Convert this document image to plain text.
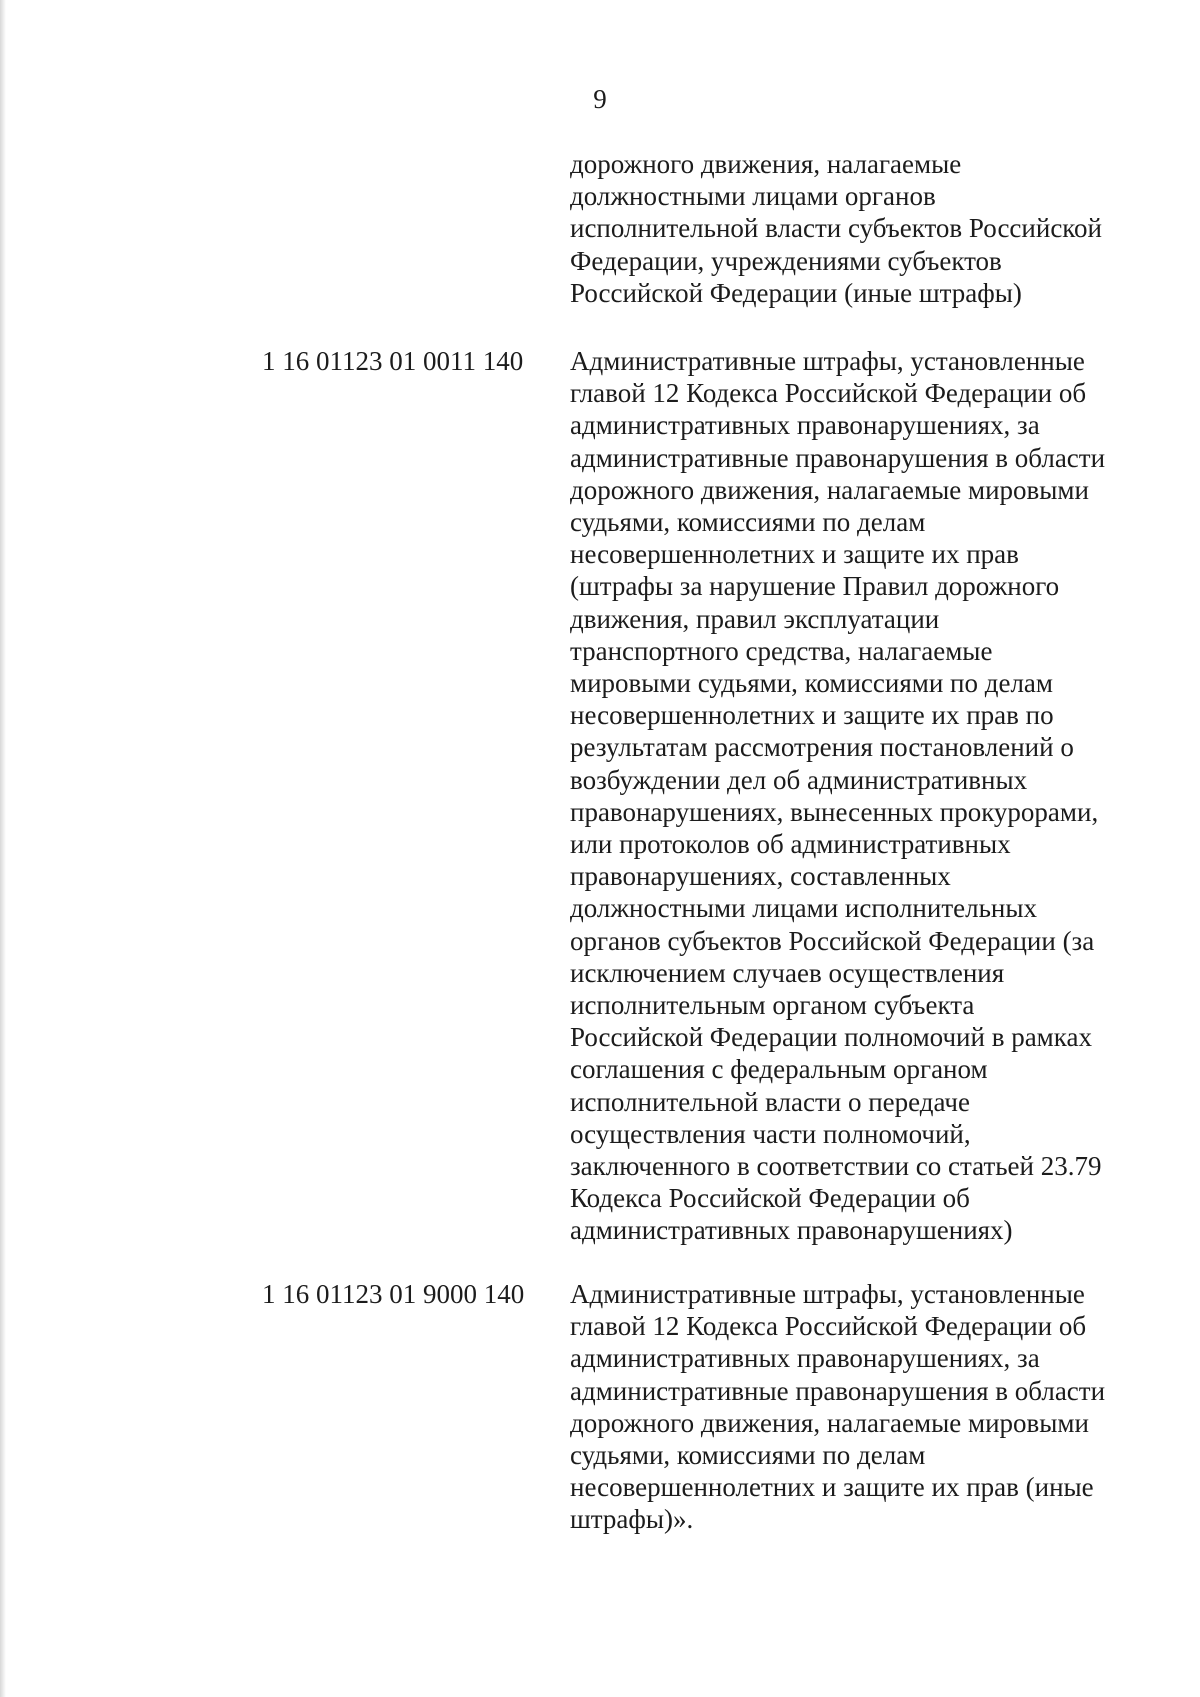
9
дорожного движения, налагаемые
должностными лицами органов
исполнительной власти субъектов Российской
Федерации, учреждениями субъектов
Российской Федерации (иные штрафы)
1 16 01123 01 0011 140 Административные штрафы, установленные
главой 12 Кодекса Российской Федерации об
административных правонарушениях, за
административные правонарушения в области
дорожного движения, налагаемые мировыми
судьями, комиссиями по делам
несовершеннолетних и защите их прав
(штрафы за нарушение Правил дорожного
движения, правил эксплуатации
транспортного средства, налагаемые
мировыми судьями, комиссиями по делам
несовершеннолетних и защите их прав по
результатам рассмотрения постановлений о
возбуждении дел об административных
правонарушениях, вынесенных прокурорами,
или протоколов об административных
правонарушениях, составленных
должностными лицами исполнительных
органов субъектов Российской Федерации (за
исключением случаев осуществления
исполнительным органом субъекта
Российской Федерации полномочий в рамках
соглашения с федеральным органом
исполнительной власти о передаче
осуществления части полномочий,
заключенного в соответствии со статьей 23.79
Кодекса Российской Федерации об
административных правонарушениях)
1 16 01123 01 9000 140 Административные штрафы, установленные
главой 12 Кодекса Российской Федерации об
административных правонарушениях, за
административные правонарушения в области
дорожного движения, налагаемые мировыми
судьями, комиссиями по делам
несовершеннолетних и защите их прав (иные
штрафы)».
